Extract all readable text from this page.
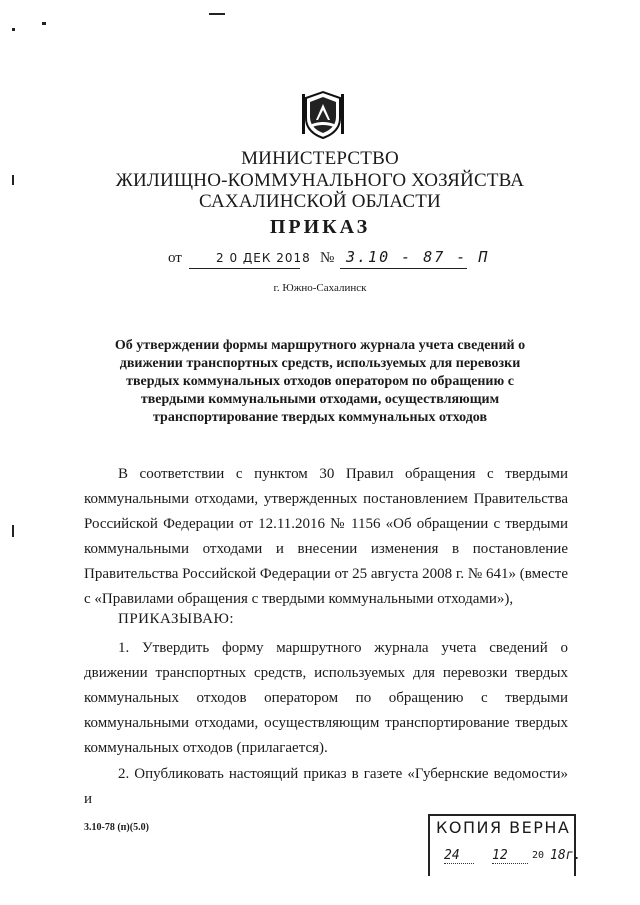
МИНИСТЕРСТВО
ЖИЛИЩНО-КОММУНАЛЬНОГО ХОЗЯЙСТВА
САХАЛИНСКОЙ ОБЛАСТИ
ПРИКАЗ
от	2 0 ДЕК 2018 № 3.10 - 87 - П
г. Южно-Сахалинск
Об утверждении формы маршрутного журнала учета сведений о движении транспортных средств, используемых для перевозки твердых коммунальных отходов оператором по обращению с твердыми коммунальными отходами, осуществляющим транспортирование твердых коммунальных отходов
В соответствии с пунктом 30 Правил обращения с твердыми коммунальными отходами, утвержденных постановлением Правительства Российской Федерации от 12.11.2016 № 1156 «Об обращении с твердыми коммунальными отходами и внесении изменения в постановление Правительства Российской Федерации от 25 августа 2008 г. № 641» (вместе с «Правилами обращения с твердыми коммунальными отходами»),
ПРИКАЗЫВАЮ:
1. Утвердить форму маршрутного журнала учета сведений о движении транспортных средств, используемых для перевозки твердых коммунальных отходов оператором по обращению с твердыми коммунальными отходами, осуществляющим транспортирование твердых коммунальных отходов (прилагается).
2. Опубликовать настоящий приказ в газете «Губернские ведомости» и
3.10-78 (п)(5.0)	КОПИЯ ВЕРНА
24	12	20 18г.
